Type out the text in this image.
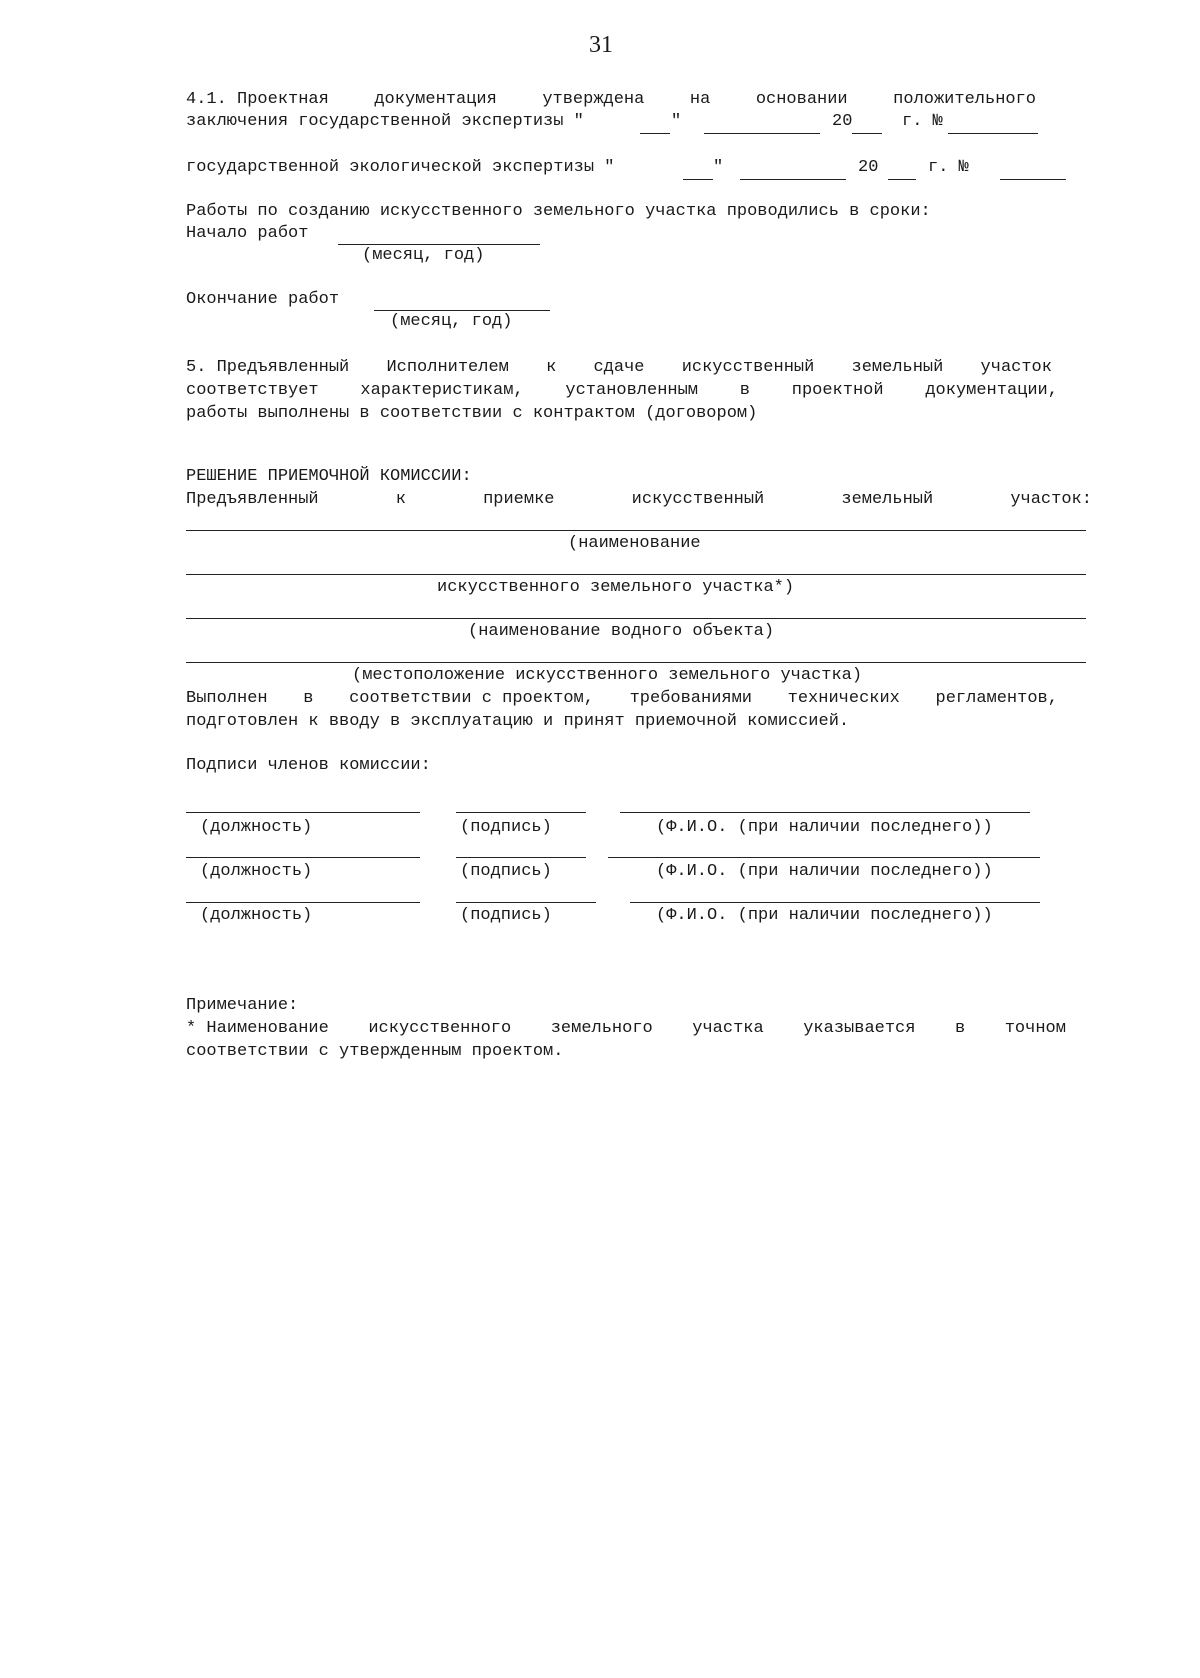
31
4.1. Проектная	документация	утверждена	на	основании	положительного
заключения государственной экспертизы "	"	20	г. №
государственной экологической экспертизы "	"	20	г. №
Работы по созданию искусственного земельного участка проводились в сроки:
Начало работ
(месяц, год)
Окончание работ
(месяц, год)
5. Предъявленный Исполнителем к сдаче искусственный земельный участок
соответствует характеристикам, установленным в проектной документации,
работы выполнены в соответствии с контрактом (договором)
РЕШЕНИЕ ПРИЕМОЧНОЙ КОМИССИИ:
Предъявленный	к	приемке	искусственный	земельный	участок:
(наименование
искусственного земельного участка*)
(наименование водного объекта)
(местоположение искусственного земельного участка)
Выполнен в соответствии с проектом, требованиями технических регламентов,
подготовлен к вводу в эксплуатацию и принят приемочной комиссией.
Подписи членов комиссии:
(должность)	(подпись)	(Ф.И.О. (при наличии последнего))
(должность)	(подпись)	(Ф.И.О. (при наличии последнего))
(должность)	(подпись)	(Ф.И.О. (при наличии последнего))
Примечание:
* Наименование искусственного земельного участка указывается в точном
соответствии с утвержденным проектом.
